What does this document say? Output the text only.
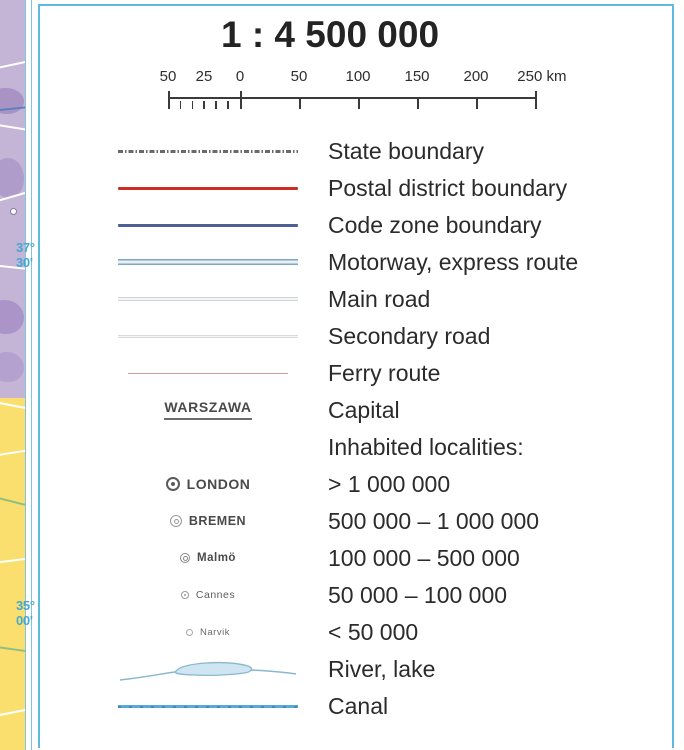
37°
30'
35°
00'
1 : 4 500 000
50 25 0	50	100 150 200 250 km
State boundary
Postal district boundary
Code zone boundary
Motorway, express route
Main road
Secondary road
Ferry route
WARSZAWA	Capital
Inhabited localities:
LONDON	> 1 000 000
BREMEN	500 000 – 1 000 000
Malmö	100 000 – 500 000
Cannes	50 000 – 100 000
Narvik	< 50 000
River, lake
Canal
